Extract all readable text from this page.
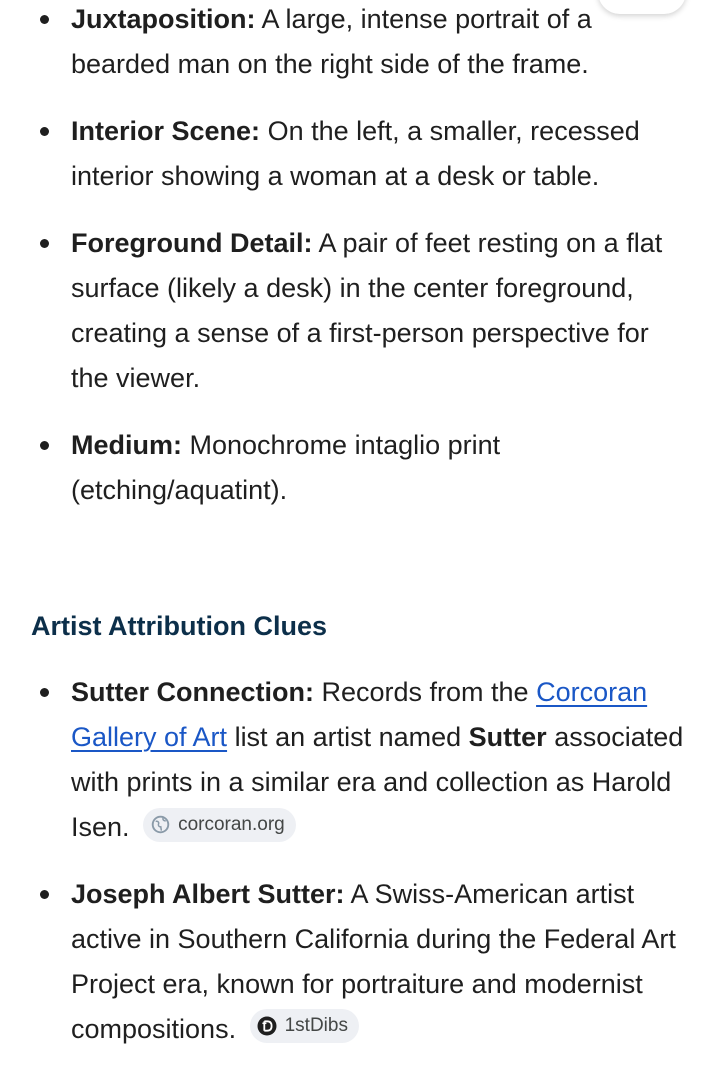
Juxtaposition: A large, intense portrait of a bearded man on the right side of the frame.
Interior Scene: On the left, a smaller, recessed interior showing a woman at a desk or table.
Foreground Detail: A pair of feet resting on a flat surface (likely a desk) in the center foreground, creating a sense of a first-person perspective for the viewer.
Medium: Monochrome intaglio print (etching/aquatint).
Artist Attribution Clues
Sutter Connection: Records from the Corcoran Gallery of Art list an artist named Sutter associated with prints in a similar era and collection as Harold Isen.	corcoran.org
Joseph Albert Sutter: A Swiss-American artist active in Southern California during the Federal Art Project era, known for portraiture and modernist compositions.	1stDibs
